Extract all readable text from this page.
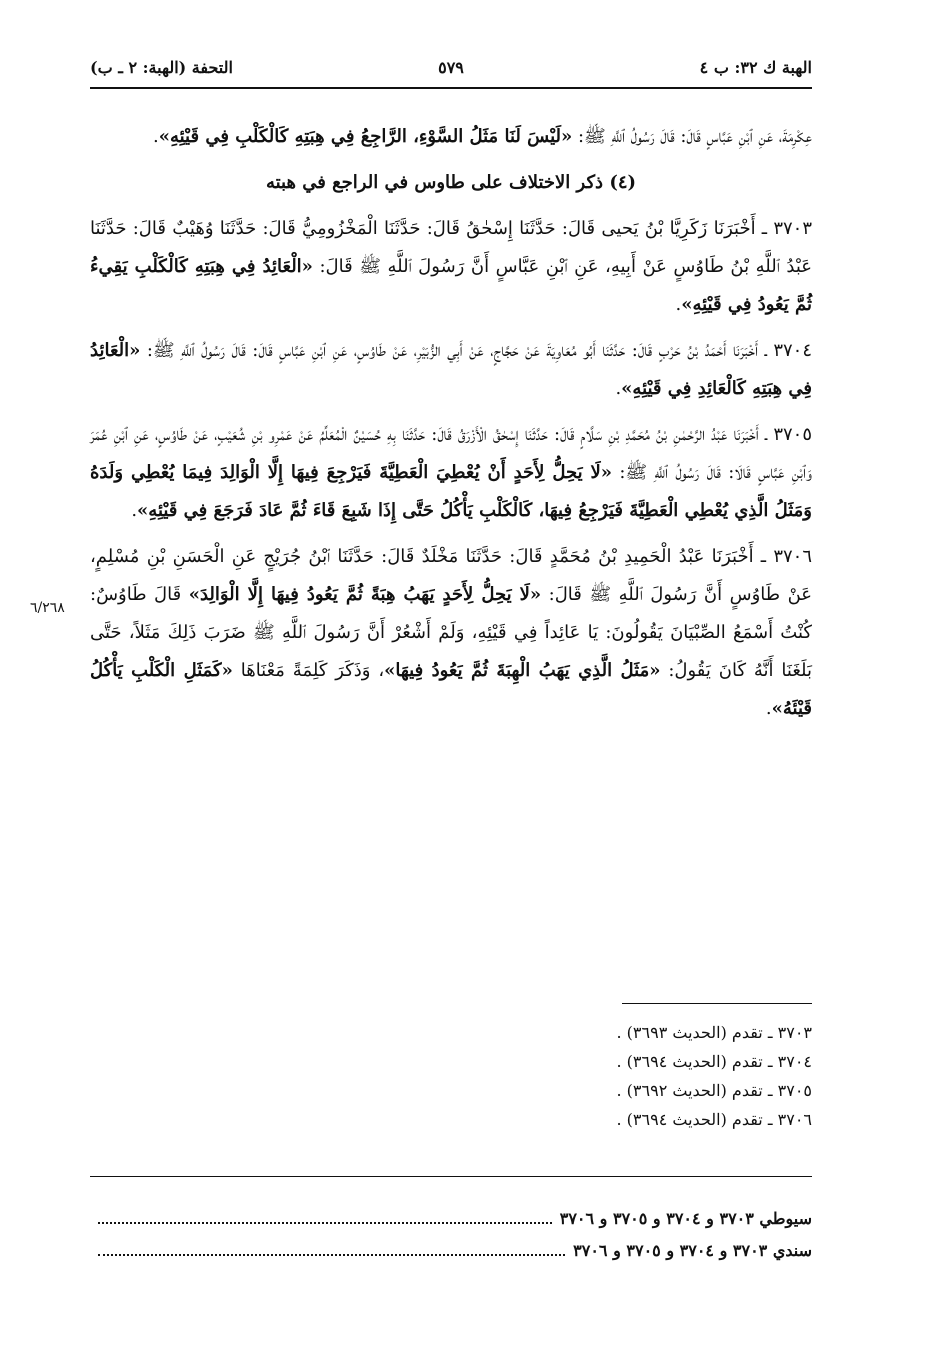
الهبة ك ٣٢: ب ٤
٥٧٩
التحفة (الهبة: ٢ ـ ب)
٦/٢٦٨

عِكْرِمَةَ، عَنِ ٱبْنِ عَبَّاسٍ قَالَ: قَالَ رَسُولُ ٱللَّهِ ﷺ: «لَيْسَ لَنَا مَثَلُ السَّوْءِ، الرَّاجِعُ فِي هِبَتِهِ كَالْكَلْبِ فِي قَيْئِهِ».

(٤) ذكر الاختلاف على طاوس في الراجع في هبته

٣٧٠٣ ـ أَخْبَرَنَا زَكَرِيَّا بْنُ يَحيى قَالَ: حَدَّثَنَا إِسْحٰقُ قَالَ: حَدَّثَنَا الْمَخْزُومِيُّ قَالَ: حَدَّثَنَا وُهَيْبٌ قَالَ: حَدَّثَنَا عَبْدُ ٱللَّهِ بْنُ طَاوُسٍ عَنْ أَبِيهِ، عَنِ ٱبْنِ عَبَّاسٍ أَنَّ رَسُولَ ٱللَّهِ ﷺ قَالَ: «الْعَائِدُ فِي هِبَتِهِ كَالْكَلْبِ يَقِيءُ ثُمَّ يَعُودُ فِي قَيْئِهِ».

٣٧٠٤ ـ أَخْبَرَنَا أَحْمَدُ بْنُ حَرْبٍ قَالَ: حَدَّثَنَا أَبُو مُعَاوِيَةَ عَنْ حَجَّاجٍ، عَنْ أَبِي الزُّبَيْرِ، عَنْ طَاوُسٍ، عَنِ ٱبْنِ عَبَّاسٍ قَالَ: قَالَ رَسُولُ ٱللَّهِ ﷺ: «الْعَائِدُ فِي هِبَتِهِ كَالْعَائِدِ فِي قَيْئِهِ».

٣٧٠٥ ـ أَخْبَرَنَا عَبْدُ الرَّحْمٰنِ بْنُ مُحَمَّدِ بْنِ سَلَّامٍ قَالَ: حَدَّثَنَا إِسْحٰقُ الْأَزْرَقُ قَالَ: حَدَّثَنَا بِهِ حُسَيْنٌ الْمُعَلِّمُ عَنْ عَمْرِو بْنِ شُعَيْبٍ، عَنْ طَاوُسٍ، عَنِ ٱبْنِ عُمَرَ وَٱبْنِ عَبَّاسٍ قَالَا: قَالَ رَسُولُ ٱللَّهِ ﷺ: «لَا يَحِلُّ لِأَحَدٍ أَنْ يُعْطِيَ الْعَطِيَّةَ فَيَرْجِعَ فِيهَا إِلَّا الْوَالِدَ فِيمَا يُعْطِي وَلَدَهُ وَمَثَلُ الَّذِي يُعْطِي الْعَطِيَّةَ فَيَرْجِعُ فِيهَا، كَالْكَلْبِ يَأْكُلُ حَتَّى إِذَا شَبِعَ قَاءَ ثُمَّ عَادَ فَرَجَعَ فِي قَيْئِهِ».

٣٧٠٦ ـ أَخْبَرَنَا عَبْدُ الْحَمِيدِ بْنُ مُحَمَّدٍ قَالَ: حَدَّثَنَا مَخْلَدٌ قَالَ: حَدَّثَنَا ٱبْنُ جُرَيْجٍ عَنِ الْحَسَنِ بْنِ مُسْلِمٍ، عَنْ طَاوُسٍ أَنَّ رَسُولَ ٱللَّهِ ﷺ قَالَ: «لَا يَحِلُّ لِأَحَدٍ يَهَبُ هِبَةً ثُمَّ يَعُودُ فِيهَا إِلَّا الْوَالِدَ» قَالَ طَاوُسٌ: كُنْتُ أَسْمَعُ الصِّبْيَانَ يَقُولُونَ: يَا عَائِداً فِي قَيْئِهِ، وَلَمْ أَشْعُرْ أَنَّ رَسُولَ ٱللَّهِ ﷺ ضَرَبَ ذَلِكَ مَثَلاً، حَتَّى بَلَغَنَا أَنَّهُ كَانَ يَقُولُ: «مَثَلُ الَّذِي يَهَبُ الْهِبَةَ ثُمَّ يَعُودُ فِيهَا»، وَذَكَرَ كَلِمَةً مَعْنَاهَا «كَمَثَلِ الْكَلْبِ يَأْكُلُ قَيْئَهُ».

٣٧٠٣ ـ تقدم (الحديث ٣٦٩٣) .
٣٧٠٤ ـ تقدم (الحديث ٣٦٩٤) .
٣٧٠٥ ـ تقدم (الحديث ٣٦٩٢) .
٣٧٠٦ ـ تقدم (الحديث ٣٦٩٤) .
سيوطي ٣٧٠٣ و ٣٧٠٤ و ٣٧٠٥ و ٣٧٠٦
سندي ٣٧٠٣ و ٣٧٠٤ و ٣٧٠٥ و ٣٧٠٦
